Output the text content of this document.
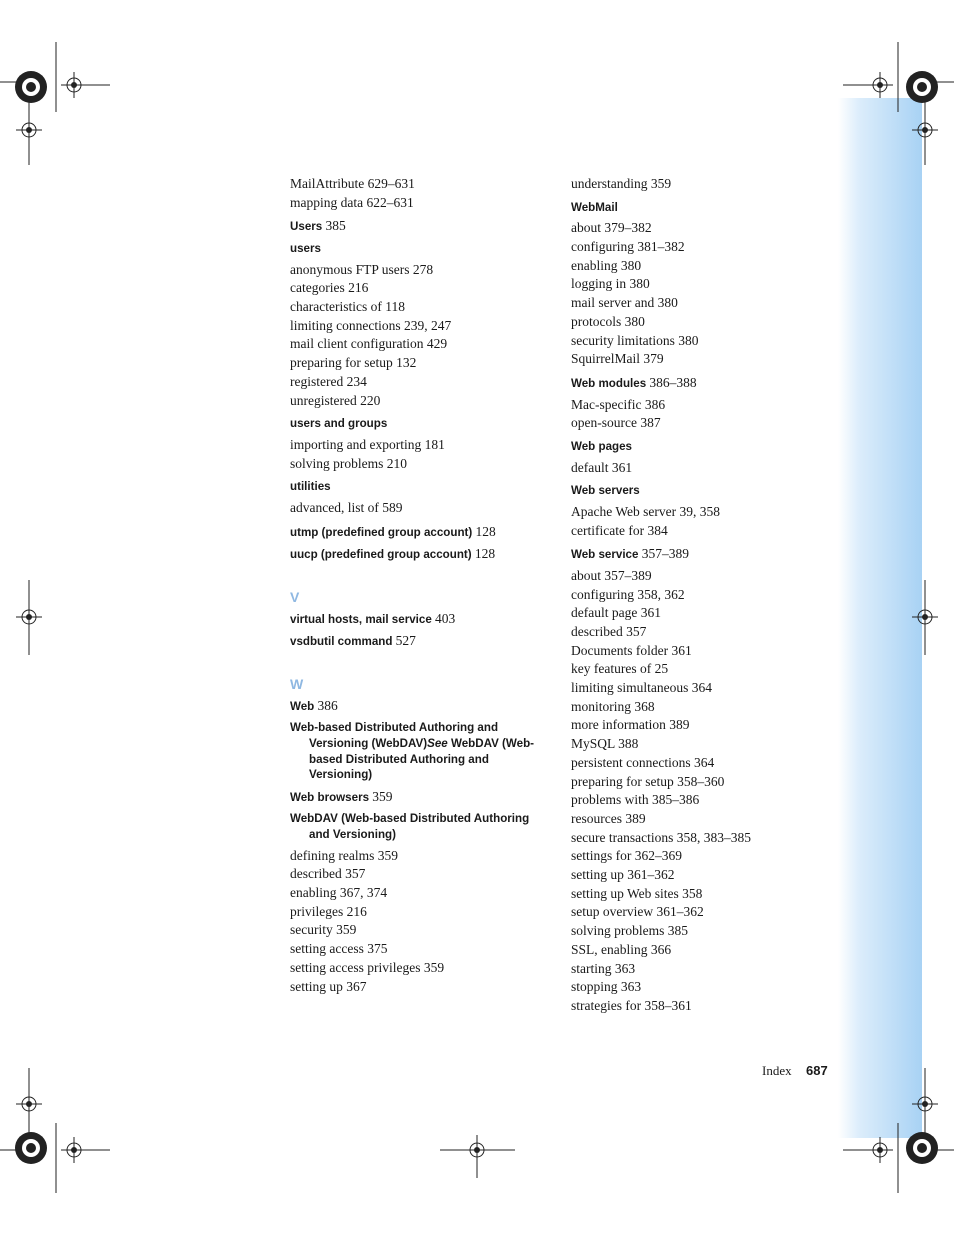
MailAttribute 629–631
mapping data 622–631
Users 385
users
anonymous FTP users 278
categories 216
characteristics of 118
limiting connections 239, 247
mail client configuration 429
preparing for setup 132
registered 234
unregistered 220
users and groups
importing and exporting 181
solving problems 210
utilities
advanced, list of 589
utmp (predefined group account) 128
uucp (predefined group account) 128
V
virtual hosts, mail service 403
vsdbutil command 527
W
Web 386
Web-based Distributed Authoring and Versioning (WebDAV)See WebDAV (Web-based Distributed Authoring and Versioning)
Web browsers 359
WebDAV (Web-based Distributed Authoring and Versioning)
defining realms 359
described 357
enabling 367, 374
privileges 216
security 359
setting access 375
setting access privileges 359
setting up 367
understanding 359
WebMail
about 379–382
configuring 381–382
enabling 380
logging in 380
mail server and 380
protocols 380
security limitations 380
SquirrelMail 379
Web modules 386–388
Mac-specific 386
open-source 387
Web pages
default 361
Web servers
Apache Web server 39, 358
certificate for 384
Web service 357–389
about 357–389
configuring 358, 362
default page 361
described 357
Documents folder 361
key features of 25
limiting simultaneous 364
monitoring 368
more information 389
MySQL 388
persistent connections 364
preparing for setup 358–360
problems with 385–386
resources 389
secure transactions 358, 383–385
settings for 362–369
setting up 361–362
setting up Web sites 358
setup overview 361–362
solving problems 385
SSL, enabling 366
starting 363
stopping 363
strategies for 358–361
Index 687
